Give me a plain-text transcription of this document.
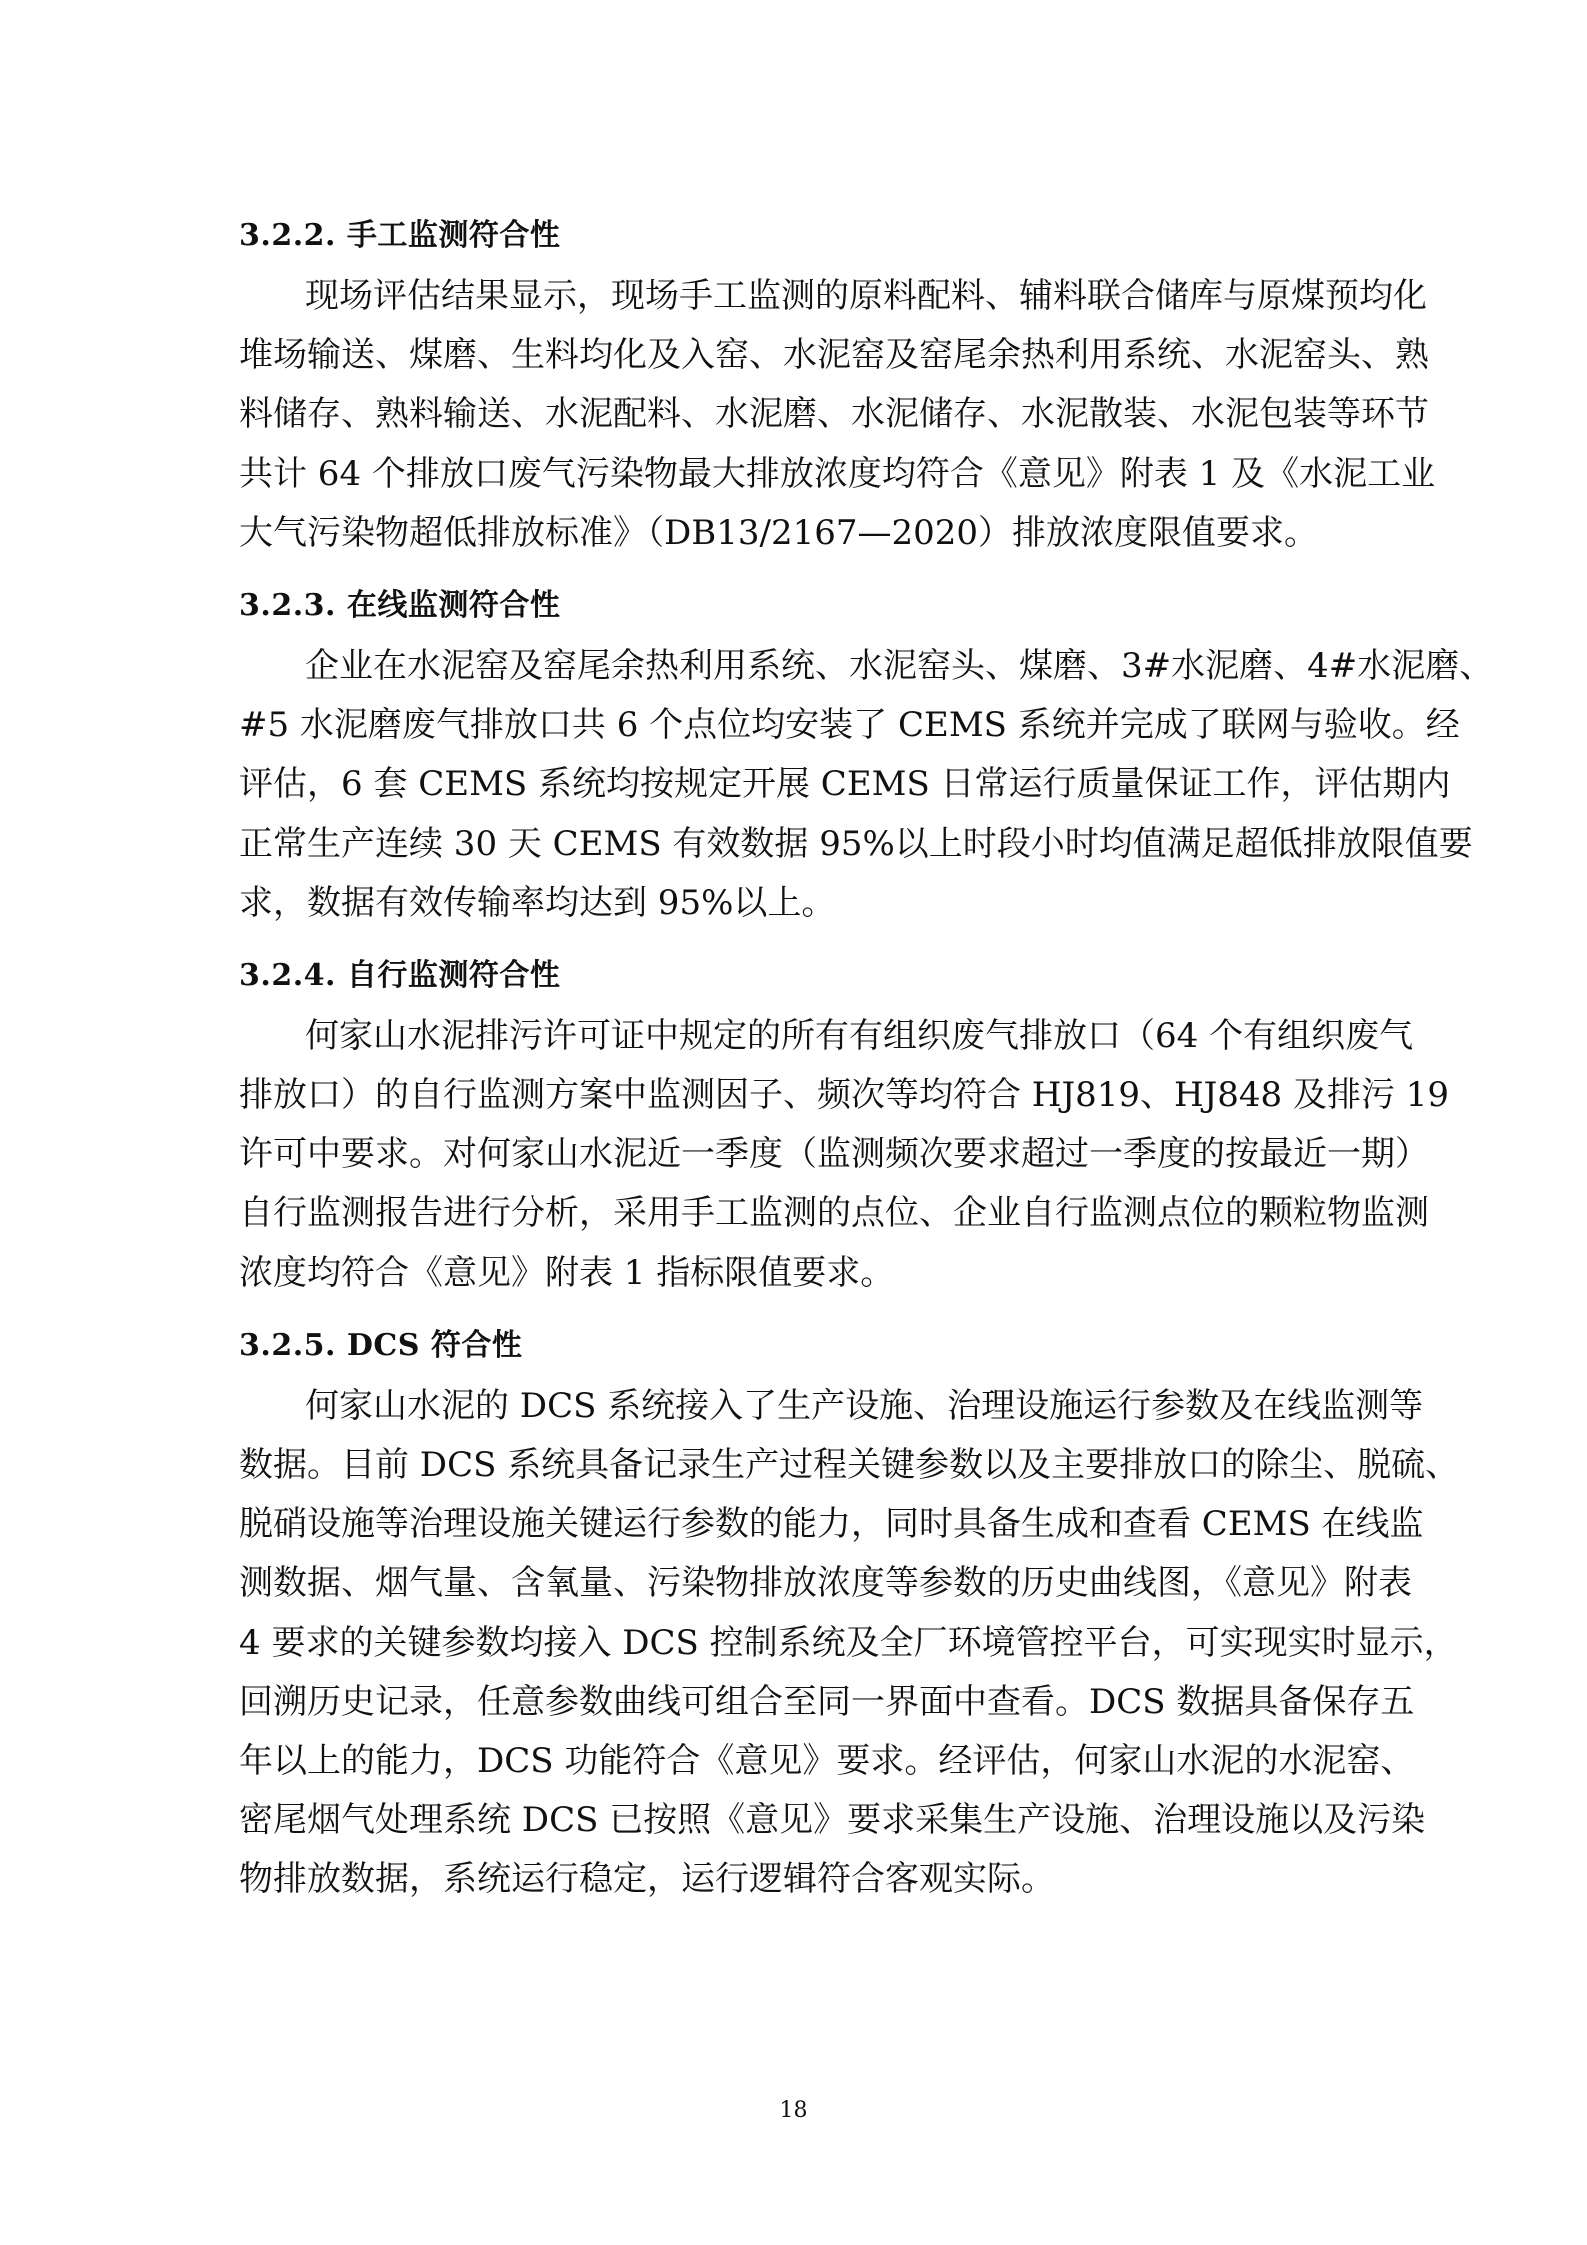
3.2.2. 手工监测符合性
现场评估结果显示，现场手工监测的原料配料、辅料联合储库与原煤预均化
堆场输送、煤磨、生料均化及入窑、水泥窑及窑尾余热利用系统、水泥窑头、熟
料储存、熟料输送、水泥配料、水泥磨、水泥储存、水泥散装、水泥包装等环节
共计 64 个排放口废气污染物最大排放浓度均符合《意见》附表 1 及《水泥工业
大气污染物超低排放标准》（DB13/2167—2020）排放浓度限值要求。
3.2.3. 在线监测符合性
企业在水泥窑及窑尾余热利用系统、水泥窑头、煤磨、3#水泥磨、4#水泥磨、
#5 水泥磨废气排放口共 6 个点位均安装了 CEMS 系统并完成了联网与验收。经
评估，6 套 CEMS 系统均按规定开展 CEMS 日常运行质量保证工作，评估期内
正常生产连续 30 天 CEMS 有效数据 95%以上时段小时均值满足超低排放限值要
求，数据有效传输率均达到 95%以上。
3.2.4. 自行监测符合性
何家山水泥排污许可证中规定的所有有组织废气排放口（64 个有组织废气
排放口）的自行监测方案中监测因子、频次等均符合 HJ819、HJ848 及排污 19
许可中要求。对何家山水泥近一季度（监测频次要求超过一季度的按最近一期）
自行监测报告进行分析，采用手工监测的点位、企业自行监测点位的颗粒物监测
浓度均符合《意见》附表 1 指标限值要求。
3.2.5. DCS 符合性
何家山水泥的 DCS 系统接入了生产设施、治理设施运行参数及在线监测等
数据。目前 DCS 系统具备记录生产过程关键参数以及主要排放口的除尘、脱硫、
脱硝设施等治理设施关键运行参数的能力，同时具备生成和查看 CEMS 在线监
测数据、烟气量、含氧量、污染物排放浓度等参数的历史曲线图，《意见》附表
4 要求的关键参数均接入 DCS 控制系统及全厂环境管控平台，可实现实时显示，
回溯历史记录，任意参数曲线可组合至同一界面中查看。DCS 数据具备保存五
年以上的能力，DCS 功能符合《意见》要求。经评估，何家山水泥的水泥窑、
密尾烟气处理系统 DCS 已按照《意见》要求采集生产设施、治理设施以及污染
物排放数据，系统运行稳定，运行逻辑符合客观实际。
18
